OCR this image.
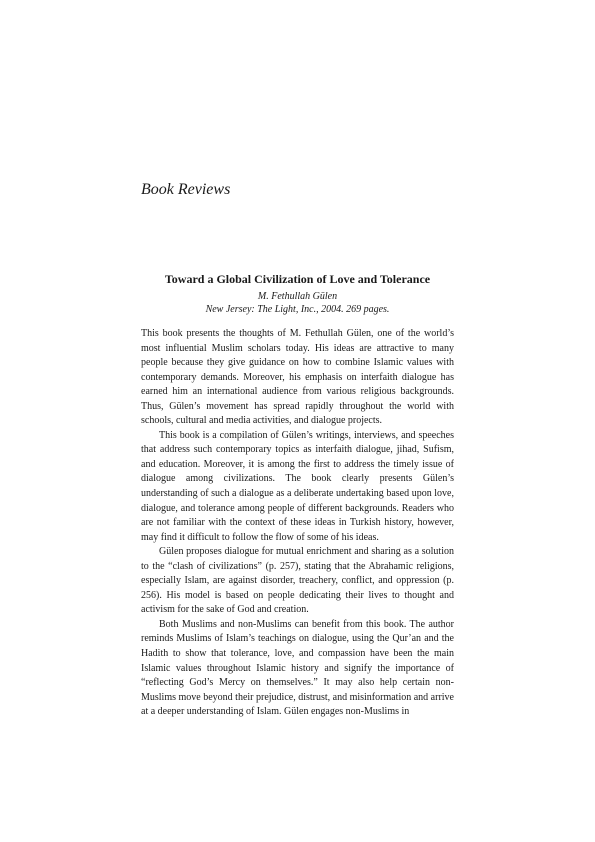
Book Reviews
Toward a Global Civilization of Love and Tolerance

M. Fethullah Gülen

New Jersey: The Light, Inc., 2004. 269 pages.

This book presents the thoughts of M. Fethullah Gülen, one of the world’s most influential Muslim scholars today. His ideas are attractive to many people because they give guidance on how to combine Islamic values with contemporary demands. Moreover, his emphasis on interfaith dialogue has earned him an international audience from various religious backgrounds. Thus, Gülen’s movement has spread rapidly throughout the world with schools, cultural and media activities, and dialogue projects.

This book is a compilation of Gülen’s writings, interviews, and speeches that address such contemporary topics as interfaith dialogue, jihad, Sufism, and education. Moreover, it is among the first to address the timely issue of dialogue among civilizations. The book clearly presents Gülen’s understanding of such a dialogue as a deliberate undertaking based upon love, dialogue, and tolerance among people of different backgrounds. Readers who are not familiar with the context of these ideas in Turkish history, however, may find it difficult to follow the flow of some of his ideas.

Gülen proposes dialogue for mutual enrichment and sharing as a solution to the “clash of civilizations” (p. 257), stating that the Abrahamic religions, especially Islam, are against disorder, treachery, conflict, and oppression (p. 256). His model is based on people dedicating their lives to thought and activism for the sake of God and creation.

Both Muslims and non-Muslims can benefit from this book. The author reminds Muslims of Islam’s teachings on dialogue, using the Qur’an and the Hadith to show that tolerance, love, and compassion have been the main Islamic values throughout Islamic history and signify the importance of “reflecting God’s Mercy on themselves.” It may also help certain non-Muslims move beyond their prejudice, distrust, and misinformation and arrive at a deeper understanding of Islam. Gülen engages non-Muslims in
